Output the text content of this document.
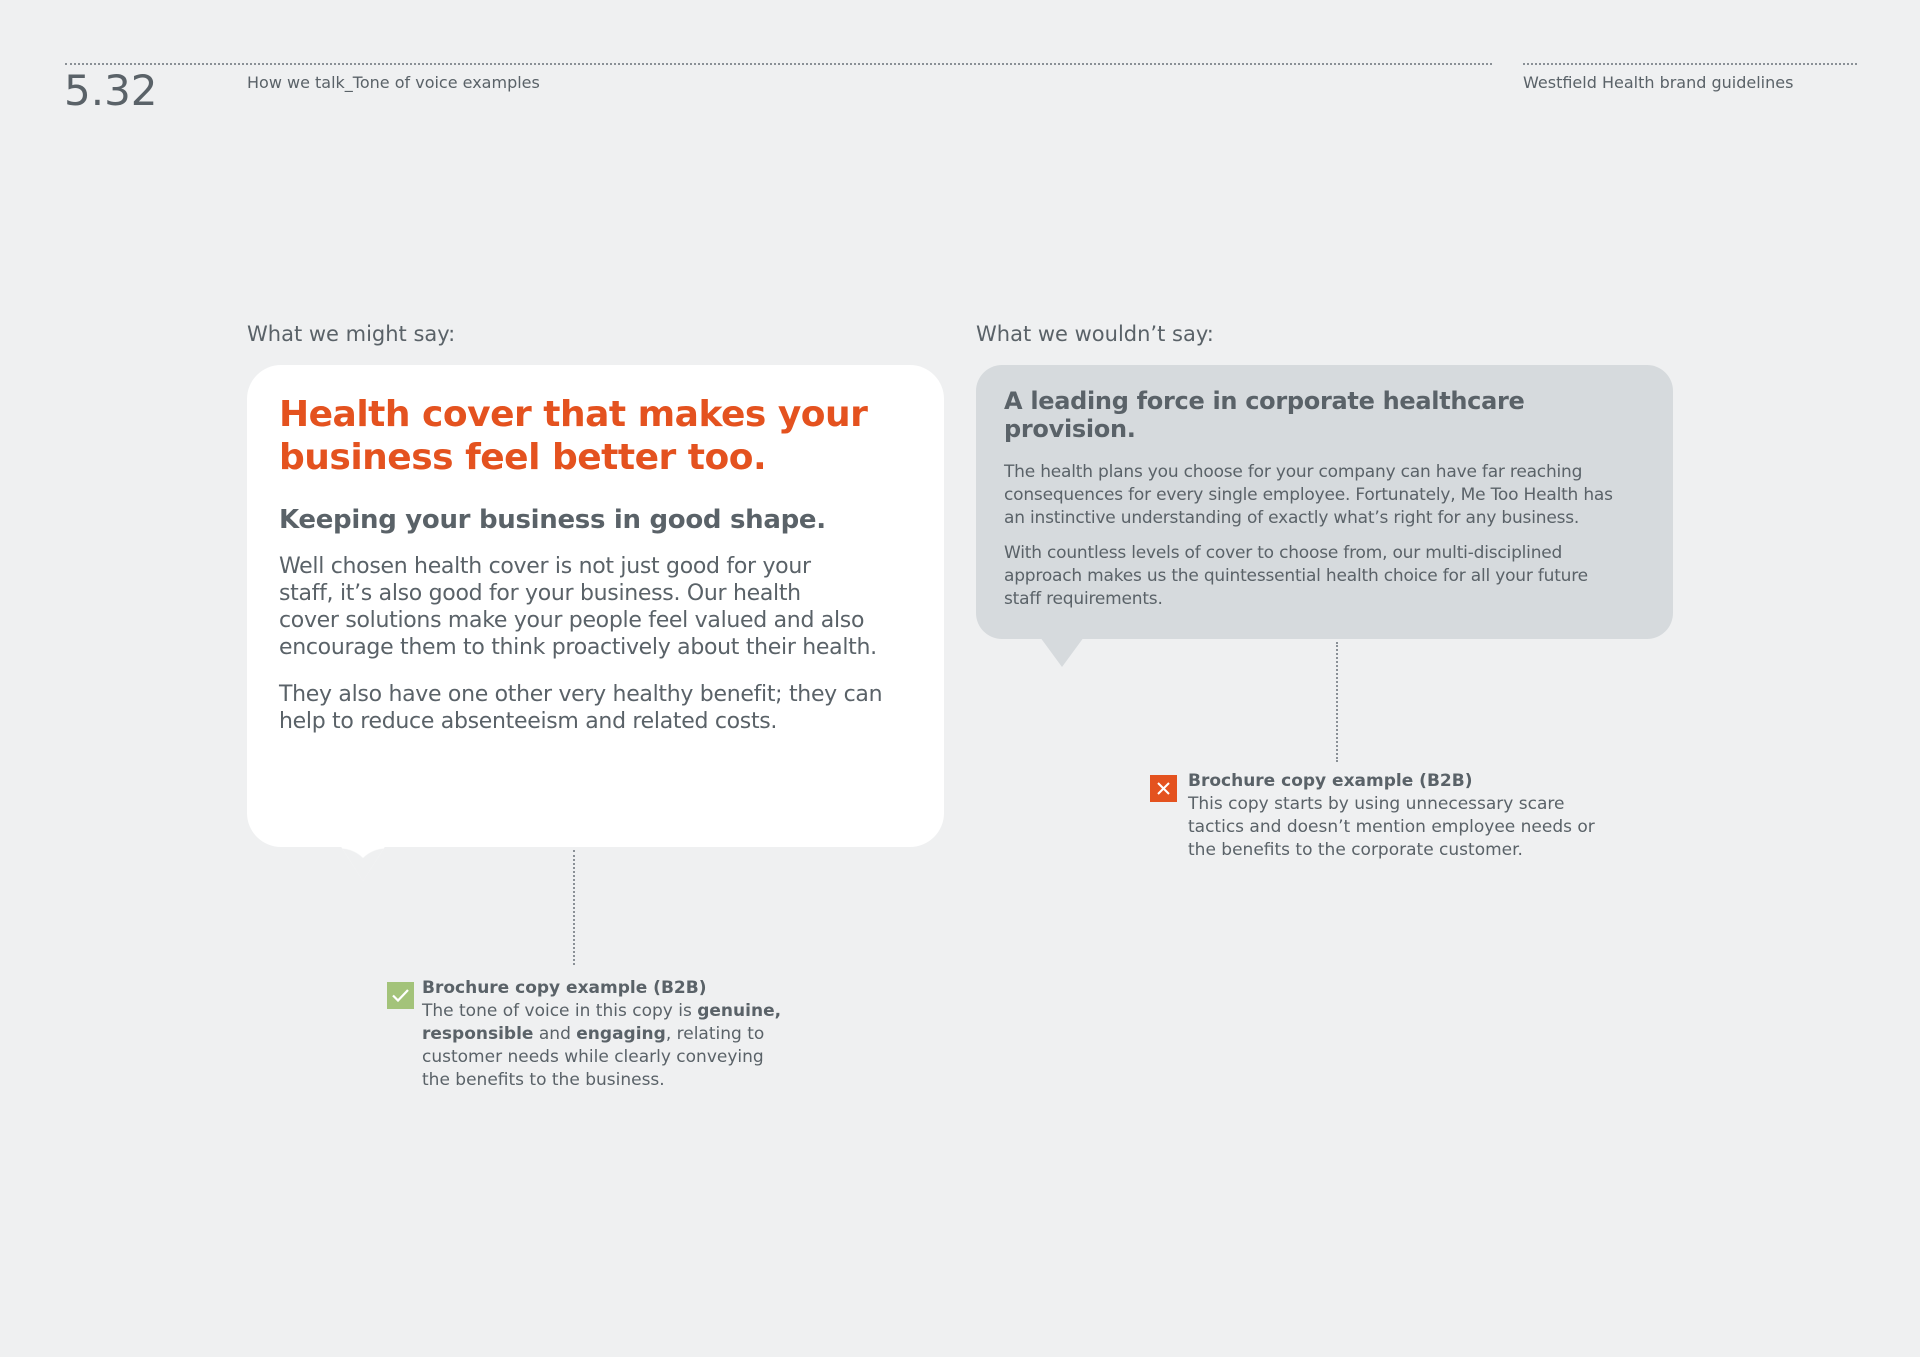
5.32	How we talk_Tone of voice examples	Westfield Health brand guidelines
What we might say:
Health cover that makes your
business feel better too.
Keeping your business in good shape.

Well chosen health cover is not just good for your
staff, it’s also good for your business. Our health
cover solutions make your people feel valued and also
encourage them to think proactively about their health.

They also have one other very healthy benefit; they can
help to reduce absenteeism and related costs.

Brochure copy example (B2B)
The tone of voice in this copy is genuine,
responsible and engaging, relating to
customer needs while clearly conveying
the benefits to the business.
What we wouldn’t say:
A leading force in corporate healthcare provision.

The health plans you choose for your company can have far reaching
consequences for every single employee. Fortunately, Me Too Health has
an instinctive understanding of exactly what’s right for any business.

With countless levels of cover to choose from, our multi-disciplined
approach makes us the quintessential health choice for all your future
staff requirements.

Brochure copy example (B2B)
This copy starts by using unnecessary scare
tactics and doesn’t mention employee needs or
the benefits to the corporate customer.
